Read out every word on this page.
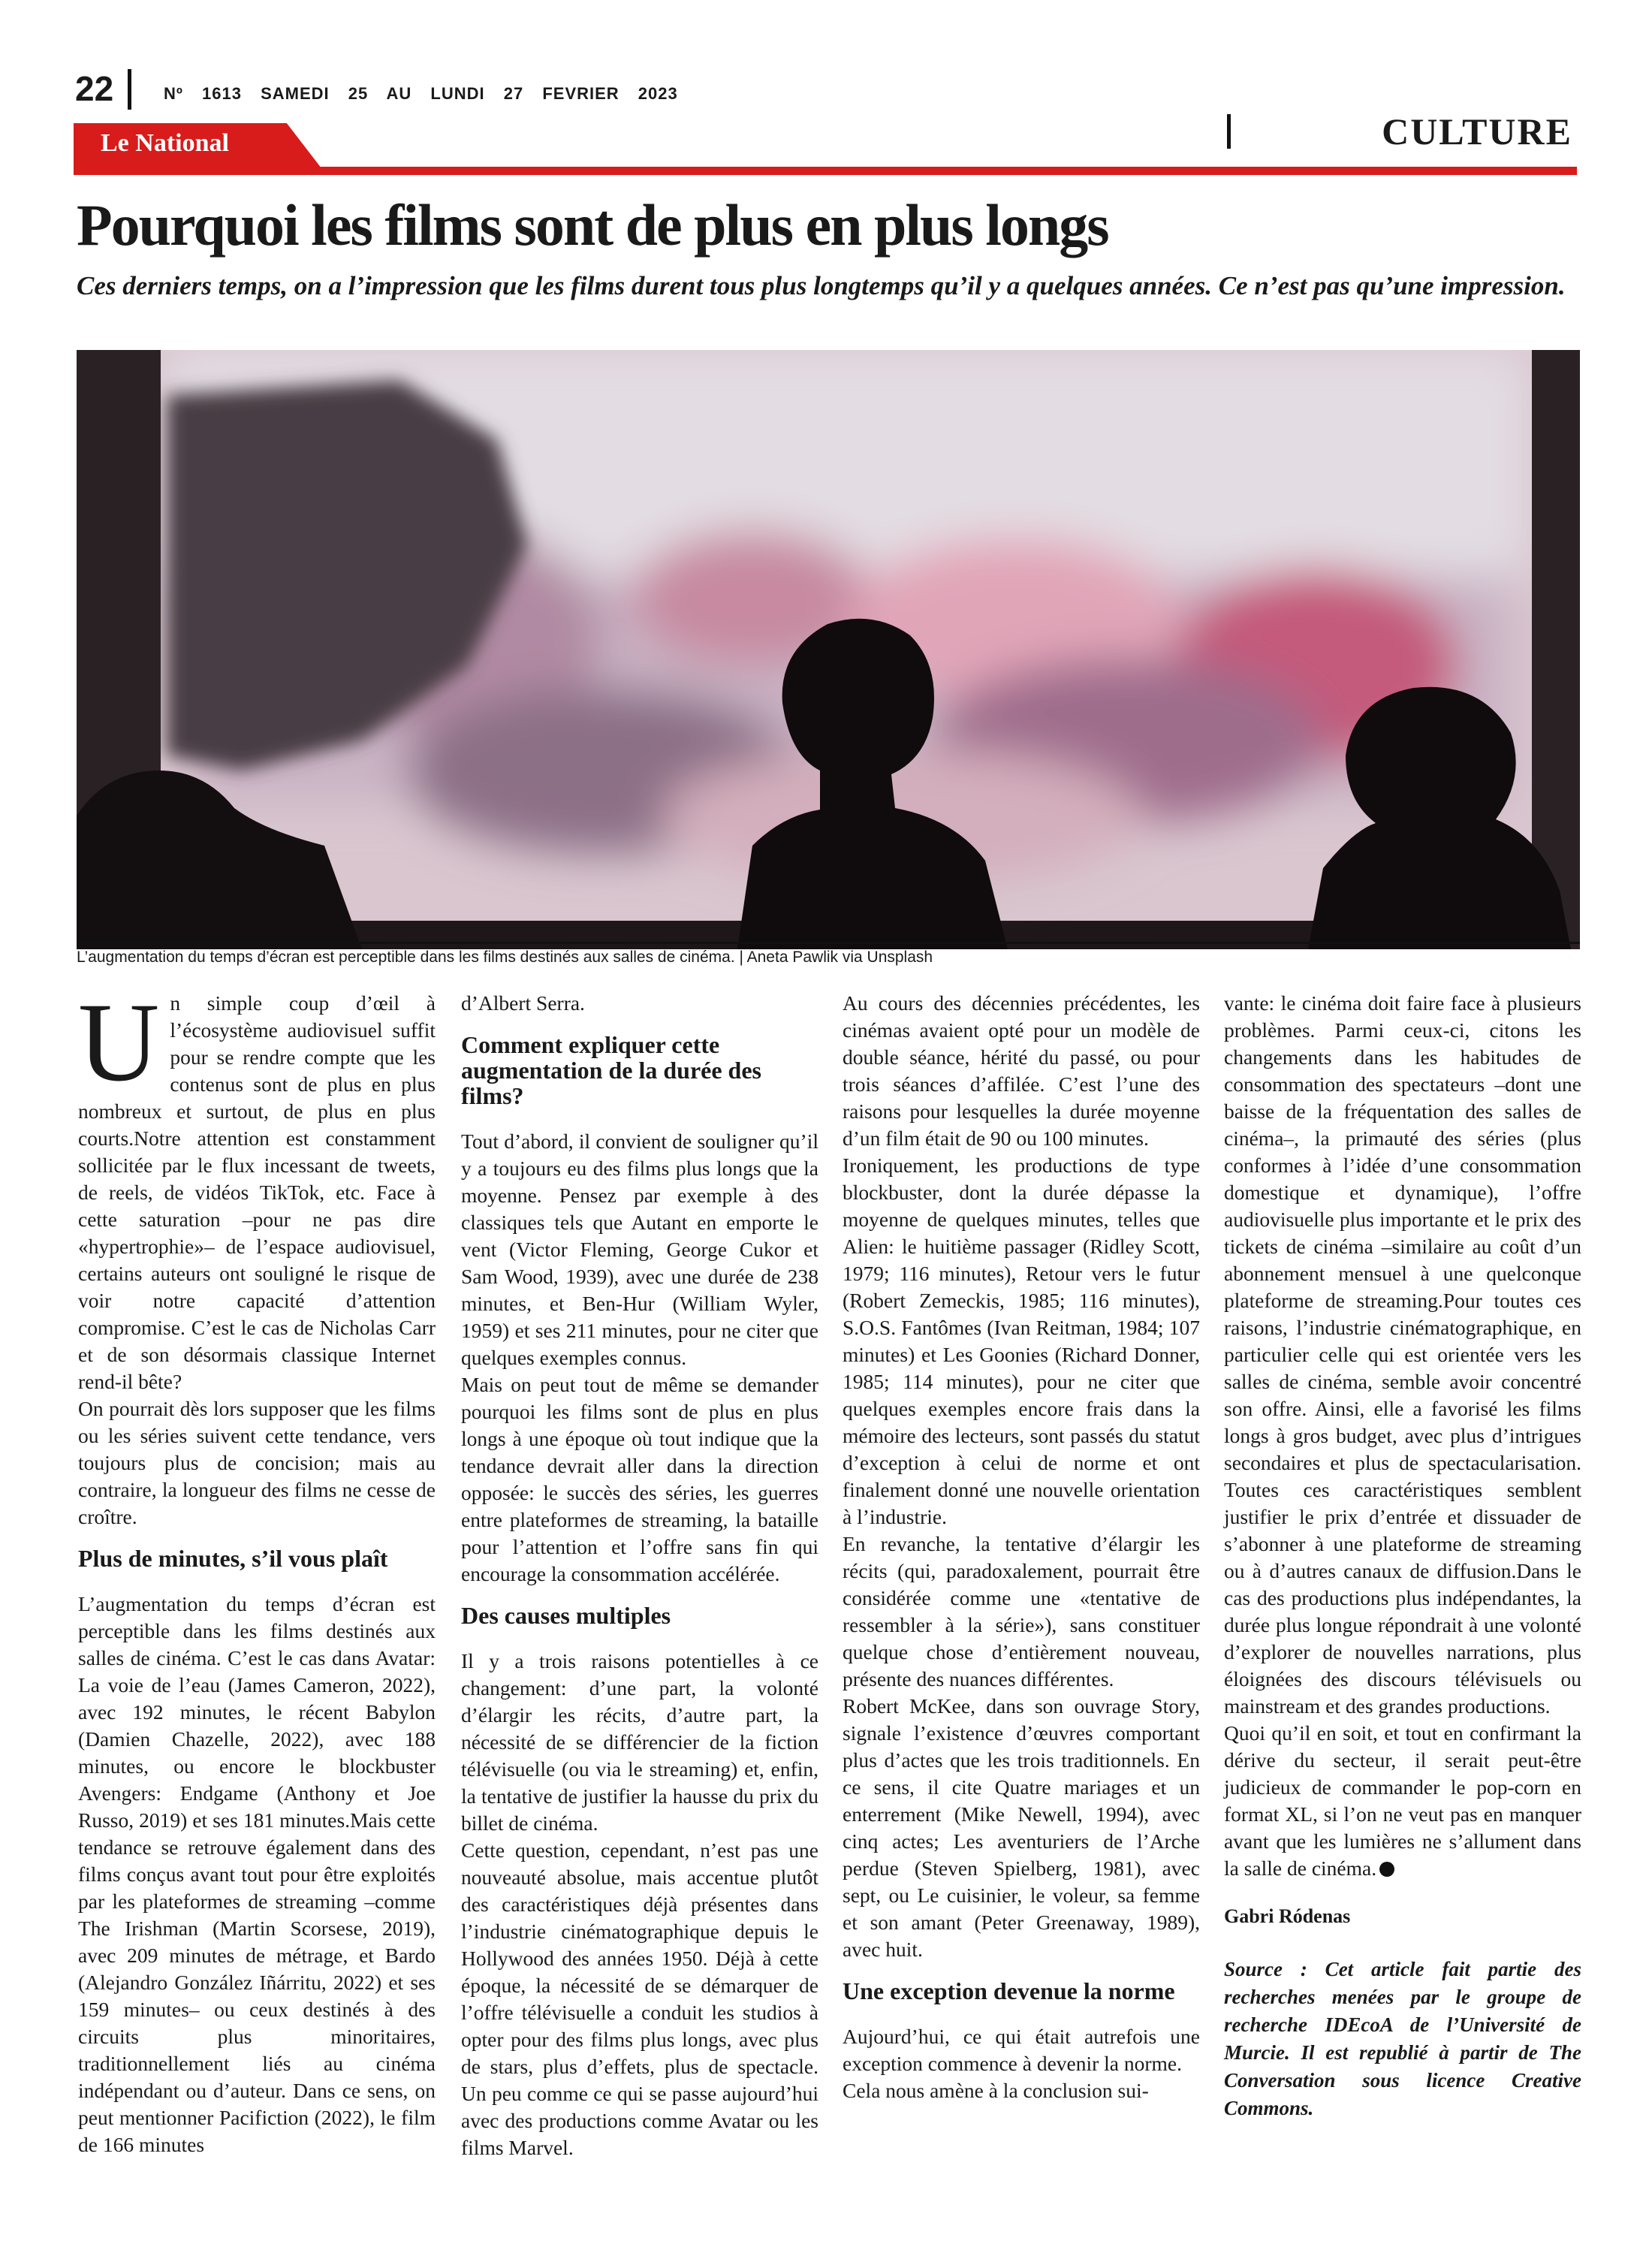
22	Nº 1613 SAMEDI 25 AU LUNDI 27 FEVRIER 2023
CULTURE
Le National
Pourquoi les films sont de plus en plus longs

Ces derniers temps, on a l’impression que les films durent tous plus longtemps qu’il y a quelques années. Ce n’est pas qu’une impression.

L’augmentation du temps d’écran est perceptible dans les films destinés aux salles de cinéma. | Aneta Pawlik via Unsplash

Un simple coup d’œil à l’écosystème audiovisuel suffit pour se rendre compte que les contenus sont de plus en plus nombreux et surtout, de plus en plus courts.Notre attention est constamment sollicitée par le flux incessant de tweets, de reels, de vidéos TikTok, etc. Face à cette saturation –pour ne pas dire «hypertrophie»– de l’espace audiovisuel, certains auteurs ont souligné le risque de voir notre capacité d’attention compromise. C’est le cas de Nicholas Carr et de son désormais classique Internet rend-il bête?

On pourrait dès lors supposer que les films ou les séries suivent cette tendance, vers toujours plus de concision; mais au contraire, la longueur des films ne cesse de croître.

Plus de minutes, s’il vous plaît

L’augmentation du temps d’écran est perceptible dans les films destinés aux salles de cinéma. C’est le cas dans Avatar: La voie de l’eau (James Cameron, 2022), avec 192 minutes, le récent Babylon (Damien Chazelle, 2022), avec 188 minutes, ou encore le blockbuster Avengers: Endgame (Anthony et Joe Russo, 2019) et ses 181 minutes.Mais cette tendance se retrouve également dans des films conçus avant tout pour être exploités par les plateformes de streaming –comme The Irishman (Martin Scorsese, 2019), avec 209 minutes de métrage, et Bardo (Alejandro González Iñárritu, 2022) et ses 159 minutes– ou ceux destinés à des circuits plus minoritaires, traditionnellement liés au cinéma indépendant ou d’auteur. Dans ce sens, on peut mentionner Pacifiction (2022), le film de 166 minutes

d’Albert Serra.

Comment expliquer cette augmentation de la durée des films?

Tout d’abord, il convient de souligner qu’il y a toujours eu des films plus longs que la moyenne. Pensez par exemple à des classiques tels que Autant en emporte le vent (Victor Fleming, George Cukor et Sam Wood, 1939), avec une durée de 238 minutes, et Ben-Hur (William Wyler, 1959) et ses 211 minutes, pour ne citer que quelques exemples connus.

Mais on peut tout de même se demander pourquoi les films sont de plus en plus longs à une époque où tout indique que la tendance devrait aller dans la direction opposée: le succès des séries, les guerres entre plateformes de streaming, la bataille pour l’attention et l’offre sans fin qui encourage la consommation accélérée.

Des causes multiples

Il y a trois raisons potentielles à ce changement: d’une part, la volonté d’élargir les récits, d’autre part, la nécessité de se différencier de la fiction télévisuelle (ou via le streaming) et, enfin, la tentative de justifier la hausse du prix du billet de cinéma.

Cette question, cependant, n’est pas une nouveauté absolue, mais accentue plutôt des caractéristiques déjà présentes dans l’industrie cinématographique depuis le Hollywood des années 1950. Déjà à cette époque, la nécessité de se démarquer de l’offre télévisuelle a conduit les studios à opter pour des films plus longs, avec plus de stars, plus d’effets, plus de spectacle. Un peu comme ce qui se passe aujourd’hui avec des productions comme Avatar ou les films Marvel.

Au cours des décennies précédentes, les cinémas avaient opté pour un modèle de double séance, hérité du passé, ou pour trois séances d’affilée. C’est l’une des raisons pour lesquelles la durée moyenne d’un film était de 90 ou 100 minutes.

Ironiquement, les productions de type blockbuster, dont la durée dépasse la moyenne de quelques minutes, telles que Alien: le huitième passager (Ridley Scott, 1979; 116 minutes), Retour vers le futur (Robert Zemeckis, 1985; 116 minutes), S.O.S. Fantômes (Ivan Reitman, 1984; 107 minutes) et Les Goonies (Richard Donner, 1985; 114 minutes), pour ne citer que quelques exemples encore frais dans la mémoire des lecteurs, sont passés du statut d’exception à celui de norme et ont finalement donné une nouvelle orientation à l’industrie.

En revanche, la tentative d’élargir les récits (qui, paradoxalement, pourrait être considérée comme une «tentative de ressembler à la série»), sans constituer quelque chose d’entièrement nouveau, présente des nuances différentes.

Robert McKee, dans son ouvrage Story, signale l’existence d’œuvres comportant plus d’actes que les trois traditionnels. En ce sens, il cite Quatre mariages et un enterrement (Mike Newell, 1994), avec cinq actes; Les aventuriers de l’Arche perdue (Steven Spielberg, 1981), avec sept, ou Le cuisinier, le voleur, sa femme et son amant (Peter Greenaway, 1989), avec huit.

Une exception devenue la norme

Aujourd’hui, ce qui était autrefois une exception commence à devenir la norme.

Cela nous amène à la conclusion sui-

vante: le cinéma doit faire face à plusieurs problèmes. Parmi ceux-ci, citons les changements dans les habitudes de consommation des spectateurs –dont une baisse de la fréquentation des salles de cinéma–, la primauté des séries (plus conformes à l’idée d’une consommation domestique et dynamique), l’offre audiovisuelle plus importante et le prix des tickets de cinéma –similaire au coût d’un abonnement mensuel à une quelconque plateforme de streaming.Pour toutes ces raisons, l’industrie cinématographique, en particulier celle qui est orientée vers les salles de cinéma, semble avoir concentré son offre. Ainsi, elle a favorisé les films longs à gros budget, avec plus d’intrigues secondaires et plus de spectacularisation. Toutes ces caractéristiques semblent justifier le prix d’entrée et dissuader de s’abonner à une plateforme de streaming ou à d’autres canaux de diffusion.Dans le cas des productions plus indépendantes, la durée plus longue répondrait à une volonté d’explorer de nouvelles narrations, plus éloignées des discours télévisuels ou mainstream et des grandes productions.

Quoi qu’il en soit, et tout en confirmant la dérive du secteur, il serait peut-être judicieux de commander le pop-corn en format XL, si l’on ne veut pas en manquer avant que les lumières ne s’allument dans la salle de cinéma.

Gabri Ródenas

Source : Cet article fait partie des recherches menées par le groupe de recherche IDEcoA de l’Université de Murcie. Il est republié à partir de The Conversation sous licence Creative Commons.
